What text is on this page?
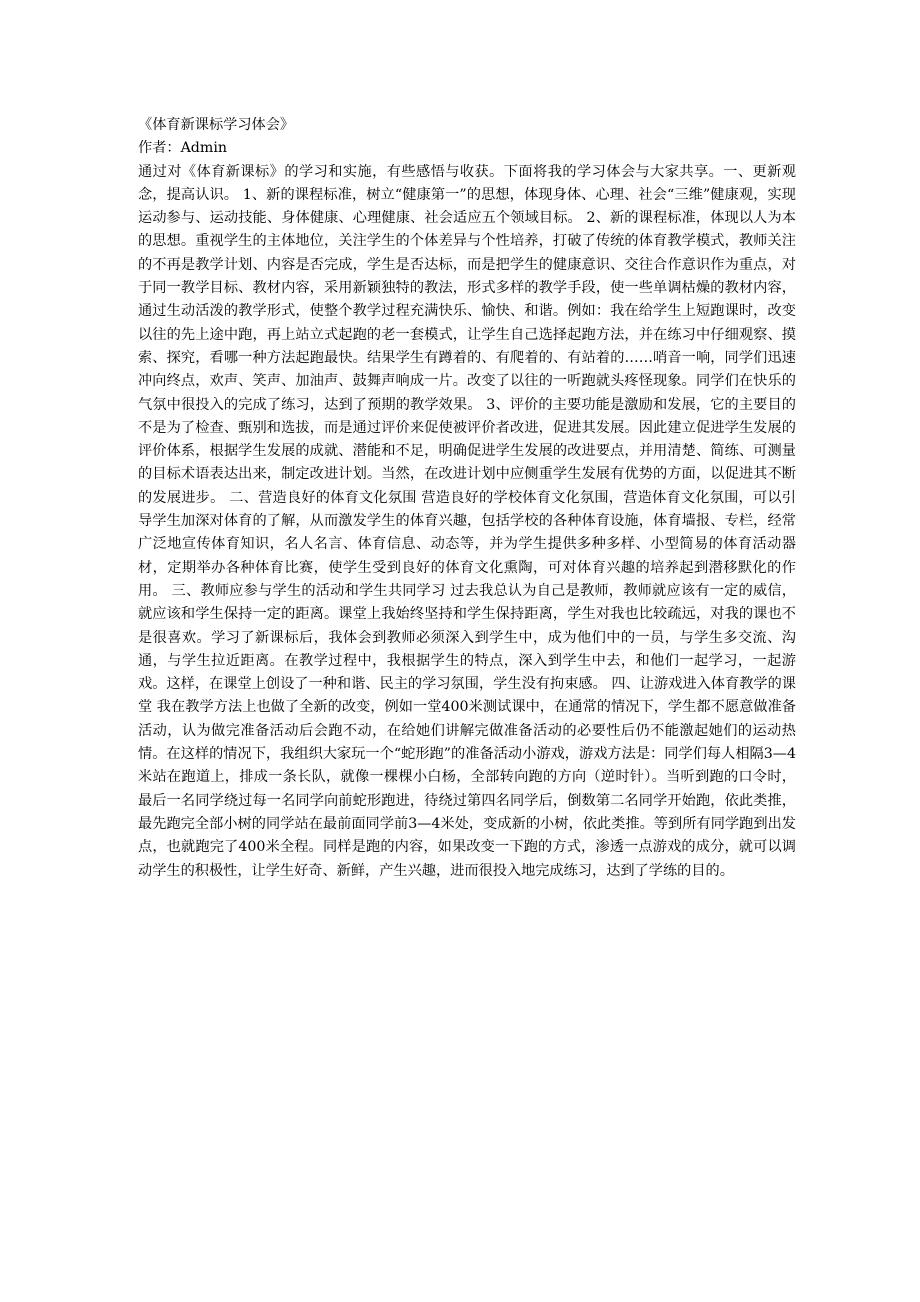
《体育新课标学习体会》
作者：Admin
通过对《体育新课标》的学习和实施，有些感悟与收获。下面将我的学习体会与大家共享。一、更新观念，提高认识。 1、新的课程标准，树立“健康第一”的思想，体现身体、心理、社会“三维”健康观，实现运动参与、运动技能、身体健康、心理健康、社会适应五个领域目标。 2、新的课程标准，体现以人为本的思想。重视学生的主体地位，关注学生的个体差异与个性培养，打破了传统的体育教学模式，教师关注的不再是教学计划、内容是否完成，学生是否达标，而是把学生的健康意识、交往合作意识作为重点，对于同一教学目标、教材内容，采用新颖独特的教法，形式多样的教学手段，使一些单调枯燥的教材内容，通过生动活泼的教学形式，使整个教学过程充满快乐、愉快、和谐。例如：我在给学生上短跑课时，改变以往的先上途中跑，再上站立式起跑的老一套模式，让学生自己选择起跑方法，并在练习中仔细观察、摸索、探究，看哪一种方法起跑最快。结果学生有蹲着的、有爬着的、有站着的……哨音一响，同学们迅速冲向终点，欢声、笑声、加油声、鼓舞声响成一片。改变了以往的一听跑就头疼怪现象。同学们在快乐的气氛中很投入的完成了练习，达到了预期的教学效果。 3、评价的主要功能是激励和发展，它的主要目的不是为了检查、甄别和选拔，而是通过评价来促使被评价者改进，促进其发展。因此建立促进学生发展的评价体系，根据学生发展的成就、潜能和不足，明确促进学生发展的改进要点，并用清楚、简练、可测量的目标术语表达出来，制定改进计划。当然，在改进计划中应侧重学生发展有优势的方面，以促进其不断的发展进步。 二、营造良好的体育文化氛围 营造良好的学校体育文化氛围，营造体育文化氛围，可以引导学生加深对体育的了解，从而激发学生的体育兴趣，包括学校的各种体育设施，体育墙报、专栏，经常广泛地宣传体育知识，名人名言、体育信息、动态等，并为学生提供多种多样、小型简易的体育活动器材，定期举办各种体育比赛，使学生受到良好的体育文化熏陶，可对体育兴趣的培养起到潜移默化的作用。 三、教师应参与学生的活动和学生共同学习 过去我总认为自己是教师，教师就应该有一定的威信，就应该和学生保持一定的距离。课堂上我始终坚持和学生保持距离，学生对我也比较疏远，对我的课也不是很喜欢。学习了新课标后，我体会到教师必须深入到学生中，成为他们中的一员，与学生多交流、沟通，与学生拉近距离。在教学过程中，我根据学生的特点，深入到学生中去，和他们一起学习，一起游戏。这样，在课堂上创设了一种和谐、民主的学习氛围，学生没有拘束感。 四、让游戏进入体育教学的课堂 我在教学方法上也做了全新的改变，例如一堂400米测试课中，在通常的情况下，学生都不愿意做准备活动，认为做完准备活动后会跑不动，在给她们讲解完做准备活动的必要性后仍不能激起她们的运动热情。在这样的情况下，我组织大家玩一个“蛇形跑”的准备活动小游戏，游戏方法是：同学们每人相隔3—4米站在跑道上，排成一条长队，就像一棵棵小白杨，全部转向跑的方向（逆时针）。当听到跑的口令时，最后一名同学绕过每一名同学向前蛇形跑进，待绕过第四名同学后，倒数第二名同学开始跑，依此类推，最先跑完全部小树的同学站在最前面同学前3—4米处，变成新的小树，依此类推。等到所有同学跑到出发点，也就跑完了400米全程。同样是跑的内容，如果改变一下跑的方式，渗透一点游戏的成分，就可以调动学生的积极性，让学生好奇、新鲜，产生兴趣，进而很投入地完成练习，达到了学练的目的。
